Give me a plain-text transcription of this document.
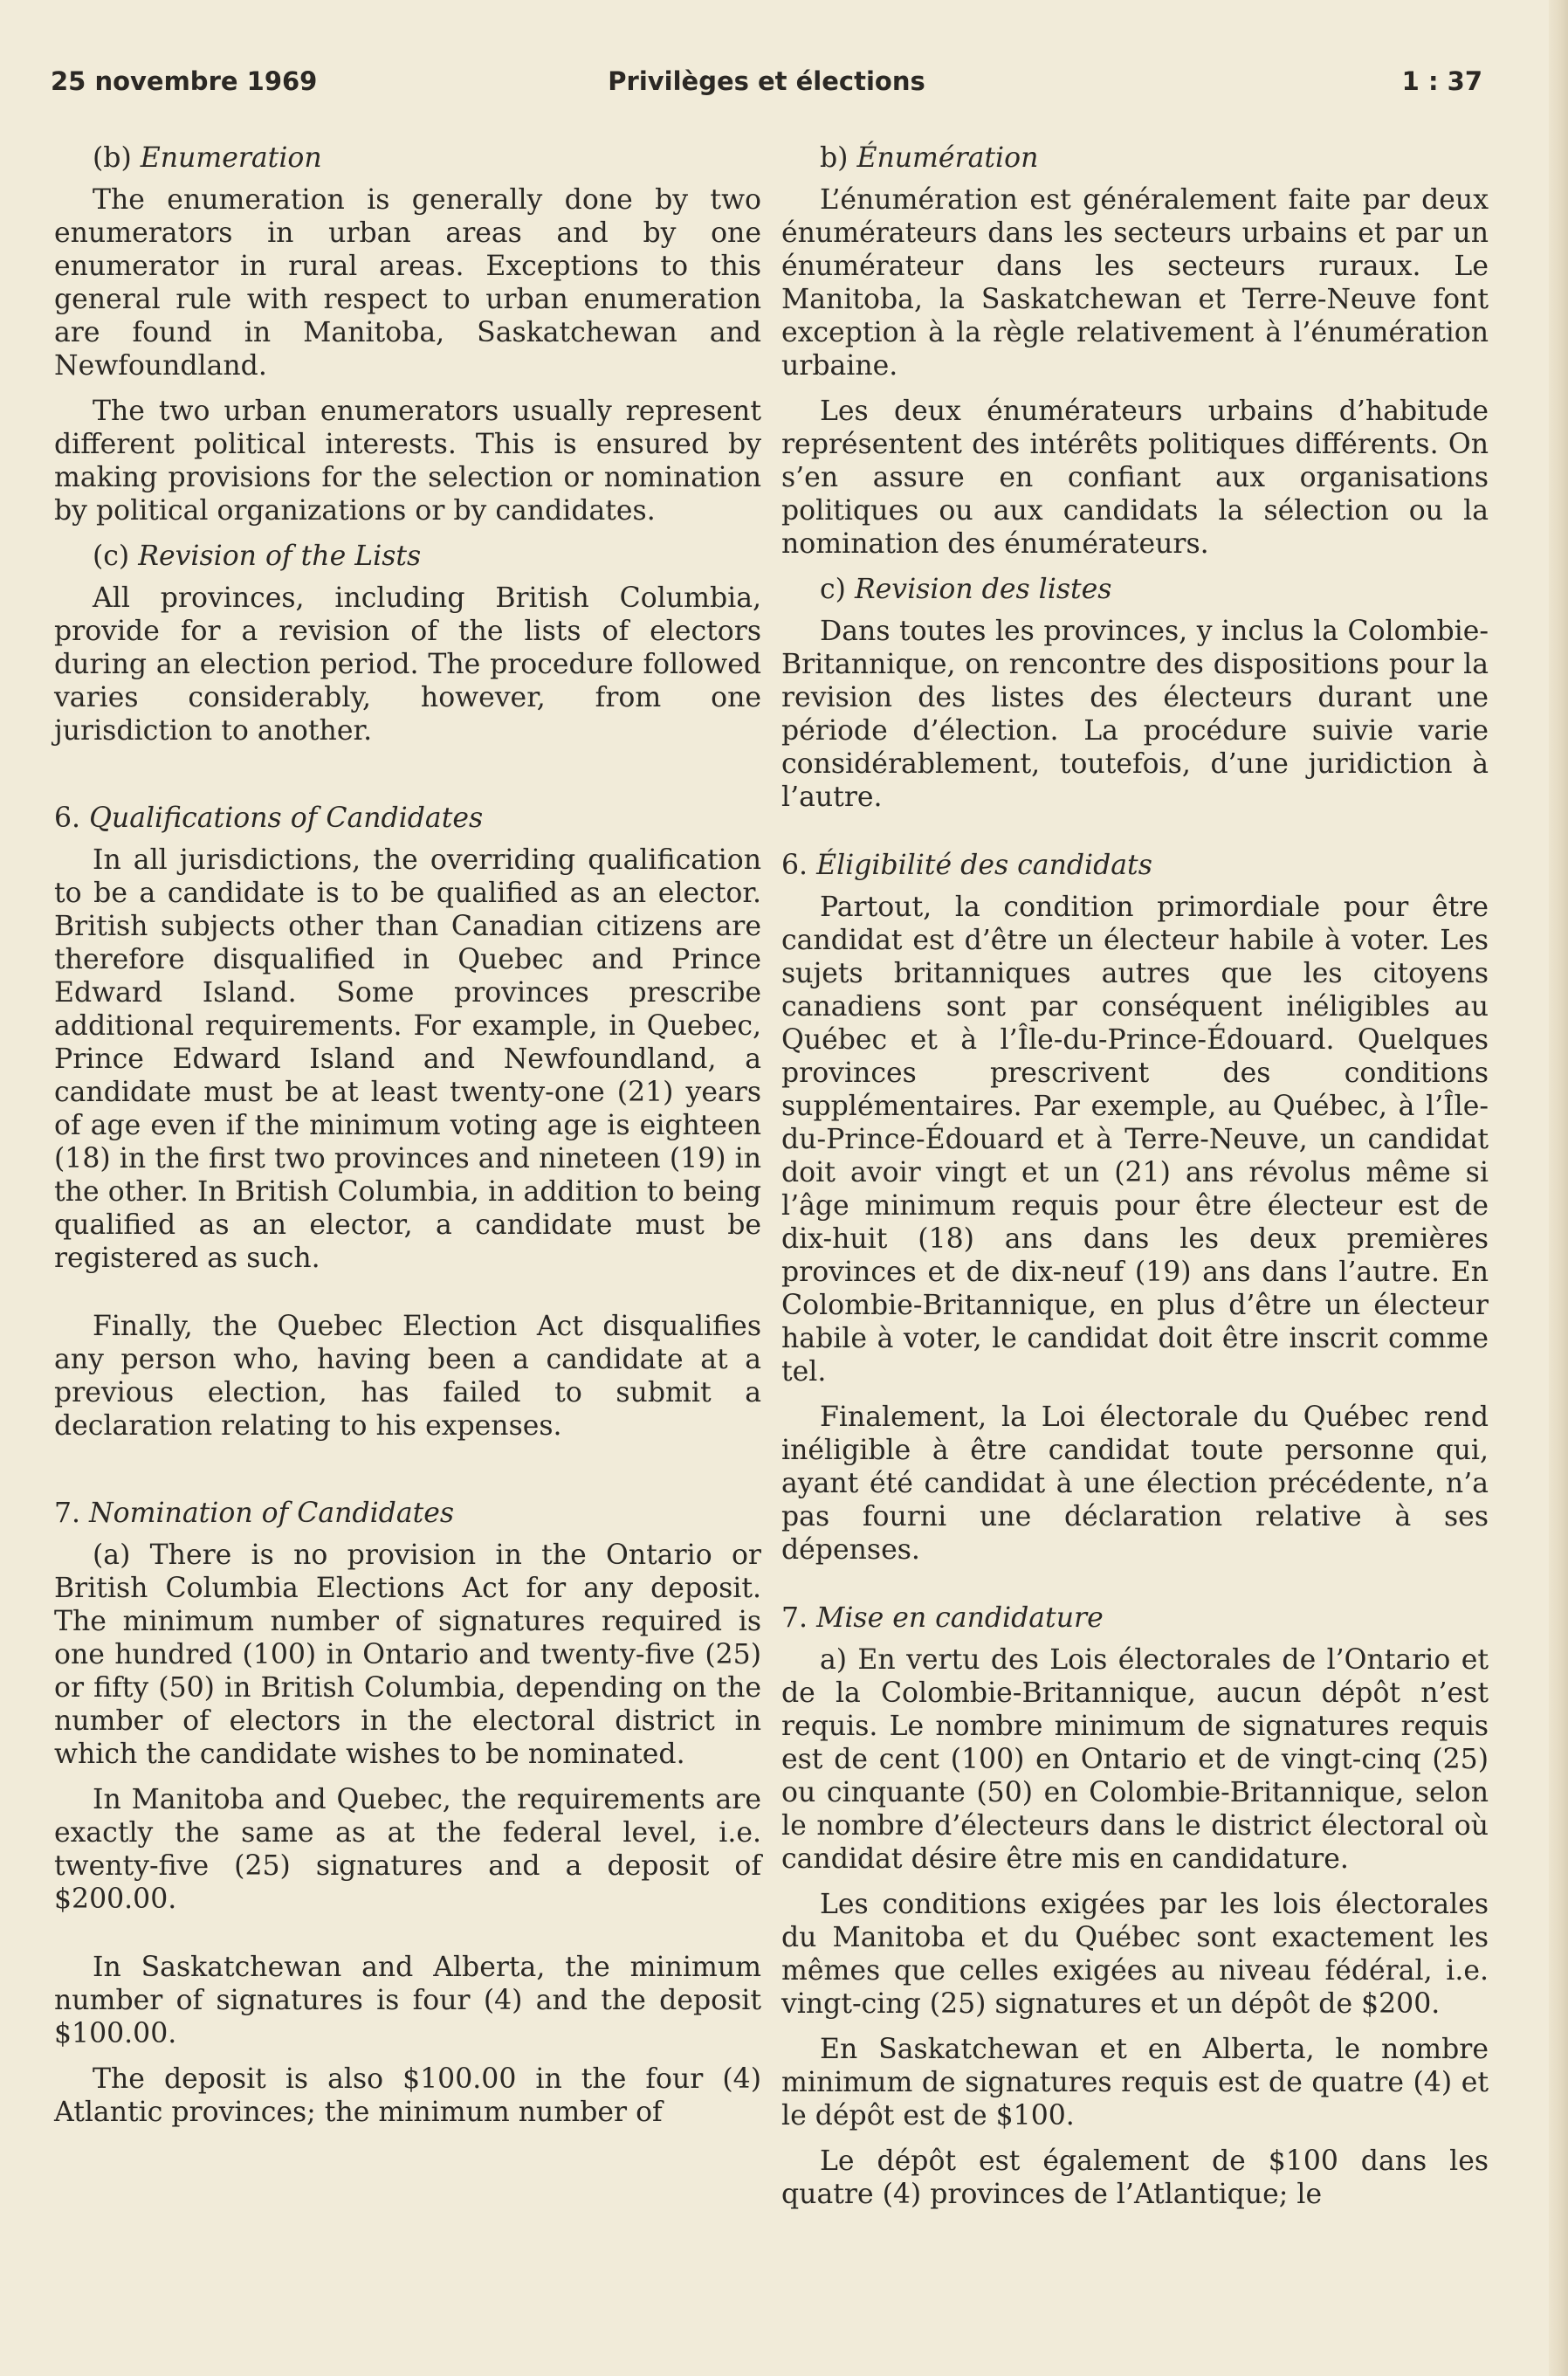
25 novembre 1969	Privilèges et élections	1 : 37
(b) Enumeration

The enumeration is generally done by two enumerators in urban areas and by one enumerator in rural areas. Exceptions to this general rule with respect to urban enumeration are found in Manitoba, Saskatchewan and Newfoundland.

The two urban enumerators usually represent different political interests. This is ensured by making provisions for the selection or nomination by political organizations or by candidates.

(c) Revision of the Lists

All provinces, including British Columbia, provide for a revision of the lists of electors during an election period. The procedure followed varies considerably, however, from one jurisdiction to another.

6. Qualifications of Candidates

In all jurisdictions, the overriding qualification to be a candidate is to be qualified as an elector. British subjects other than Canadian citizens are therefore disqualified in Quebec and Prince Edward Island. Some provinces prescribe additional requirements. For example, in Quebec, Prince Edward Island and Newfoundland, a candidate must be at least twenty-one (21) years of age even if the minimum voting age is eighteen (18) in the first two provinces and nineteen (19) in the other. In British Columbia, in addition to being qualified as an elector, a candidate must be registered as such.

Finally, the Quebec Election Act disqualifies any person who, having been a candidate at a previous election, has failed to submit a declaration relating to his expenses.

7. Nomination of Candidates

(a) There is no provision in the Ontario or British Columbia Elections Act for any deposit. The minimum number of signatures required is one hundred (100) in Ontario and twenty-five (25) or fifty (50) in British Columbia, depending on the number of electors in the electoral district in which the candidate wishes to be nominated.

In Manitoba and Quebec, the requirements are exactly the same as at the federal level, i.e. twenty-five (25) signatures and a deposit of $200.00.

In Saskatchewan and Alberta, the minimum number of signatures is four (4) and the deposit $100.00.

The deposit is also $100.00 in the four (4) Atlantic provinces; the minimum number of

b) Énumération

L’énumération est généralement faite par deux énumérateurs dans les secteurs urbains et par un énumérateur dans les secteurs ruraux. Le Manitoba, la Saskatchewan et Terre-Neuve font exception à la règle relativement à l’énumération urbaine.

Les deux énumérateurs urbains d’habitude représentent des intérêts politiques différents. On s’en assure en confiant aux organisations politiques ou aux candidats la sélection ou la nomination des énumérateurs.

c) Revision des listes

Dans toutes les provinces, y inclus la Colombie-Britannique, on rencontre des dispositions pour la revision des listes des électeurs durant une période d’élection. La procédure suivie varie considérablement, toutefois, d’une juridiction à l’autre.

6. Éligibilité des candidats

Partout, la condition primordiale pour être candidat est d’être un électeur habile à voter. Les sujets britanniques autres que les citoyens canadiens sont par conséquent inéligibles au Québec et à l’Île-du-Prince-Édouard. Quelques provinces prescrivent des conditions supplémentaires. Par exemple, au Québec, à l’Île-du-Prince-Édouard et à Terre-Neuve, un candidat doit avoir vingt et un (21) ans révolus même si l’âge minimum requis pour être électeur est de dix-huit (18) ans dans les deux premières provinces et de dix-neuf (19) ans dans l’autre. En Colombie-Britannique, en plus d’être un électeur habile à voter, le candidat doit être inscrit comme tel.

Finalement, la Loi électorale du Québec rend inéligible à être candidat toute personne qui, ayant été candidat à une élection précédente, n’a pas fourni une déclaration relative à ses dépenses.

7. Mise en candidature

a) En vertu des Lois électorales de l’Ontario et de la Colombie-Britannique, aucun dépôt n’est requis. Le nombre minimum de signatures requis est de cent (100) en Ontario et de vingt-cinq (25) ou cinquante (50) en Colombie-Britannique, selon le nombre d’électeurs dans le district électoral où candidat désire être mis en candidature.

Les conditions exigées par les lois électorales du Manitoba et du Québec sont exactement les mêmes que celles exigées au niveau fédéral, i.e. vingt-cing (25) signatures et un dépôt de $200.

En Saskatchewan et en Alberta, le nombre minimum de signatures requis est de quatre (4) et le dépôt est de $100.

Le dépôt est également de $100 dans les quatre (4) provinces de l’Atlantique; le
